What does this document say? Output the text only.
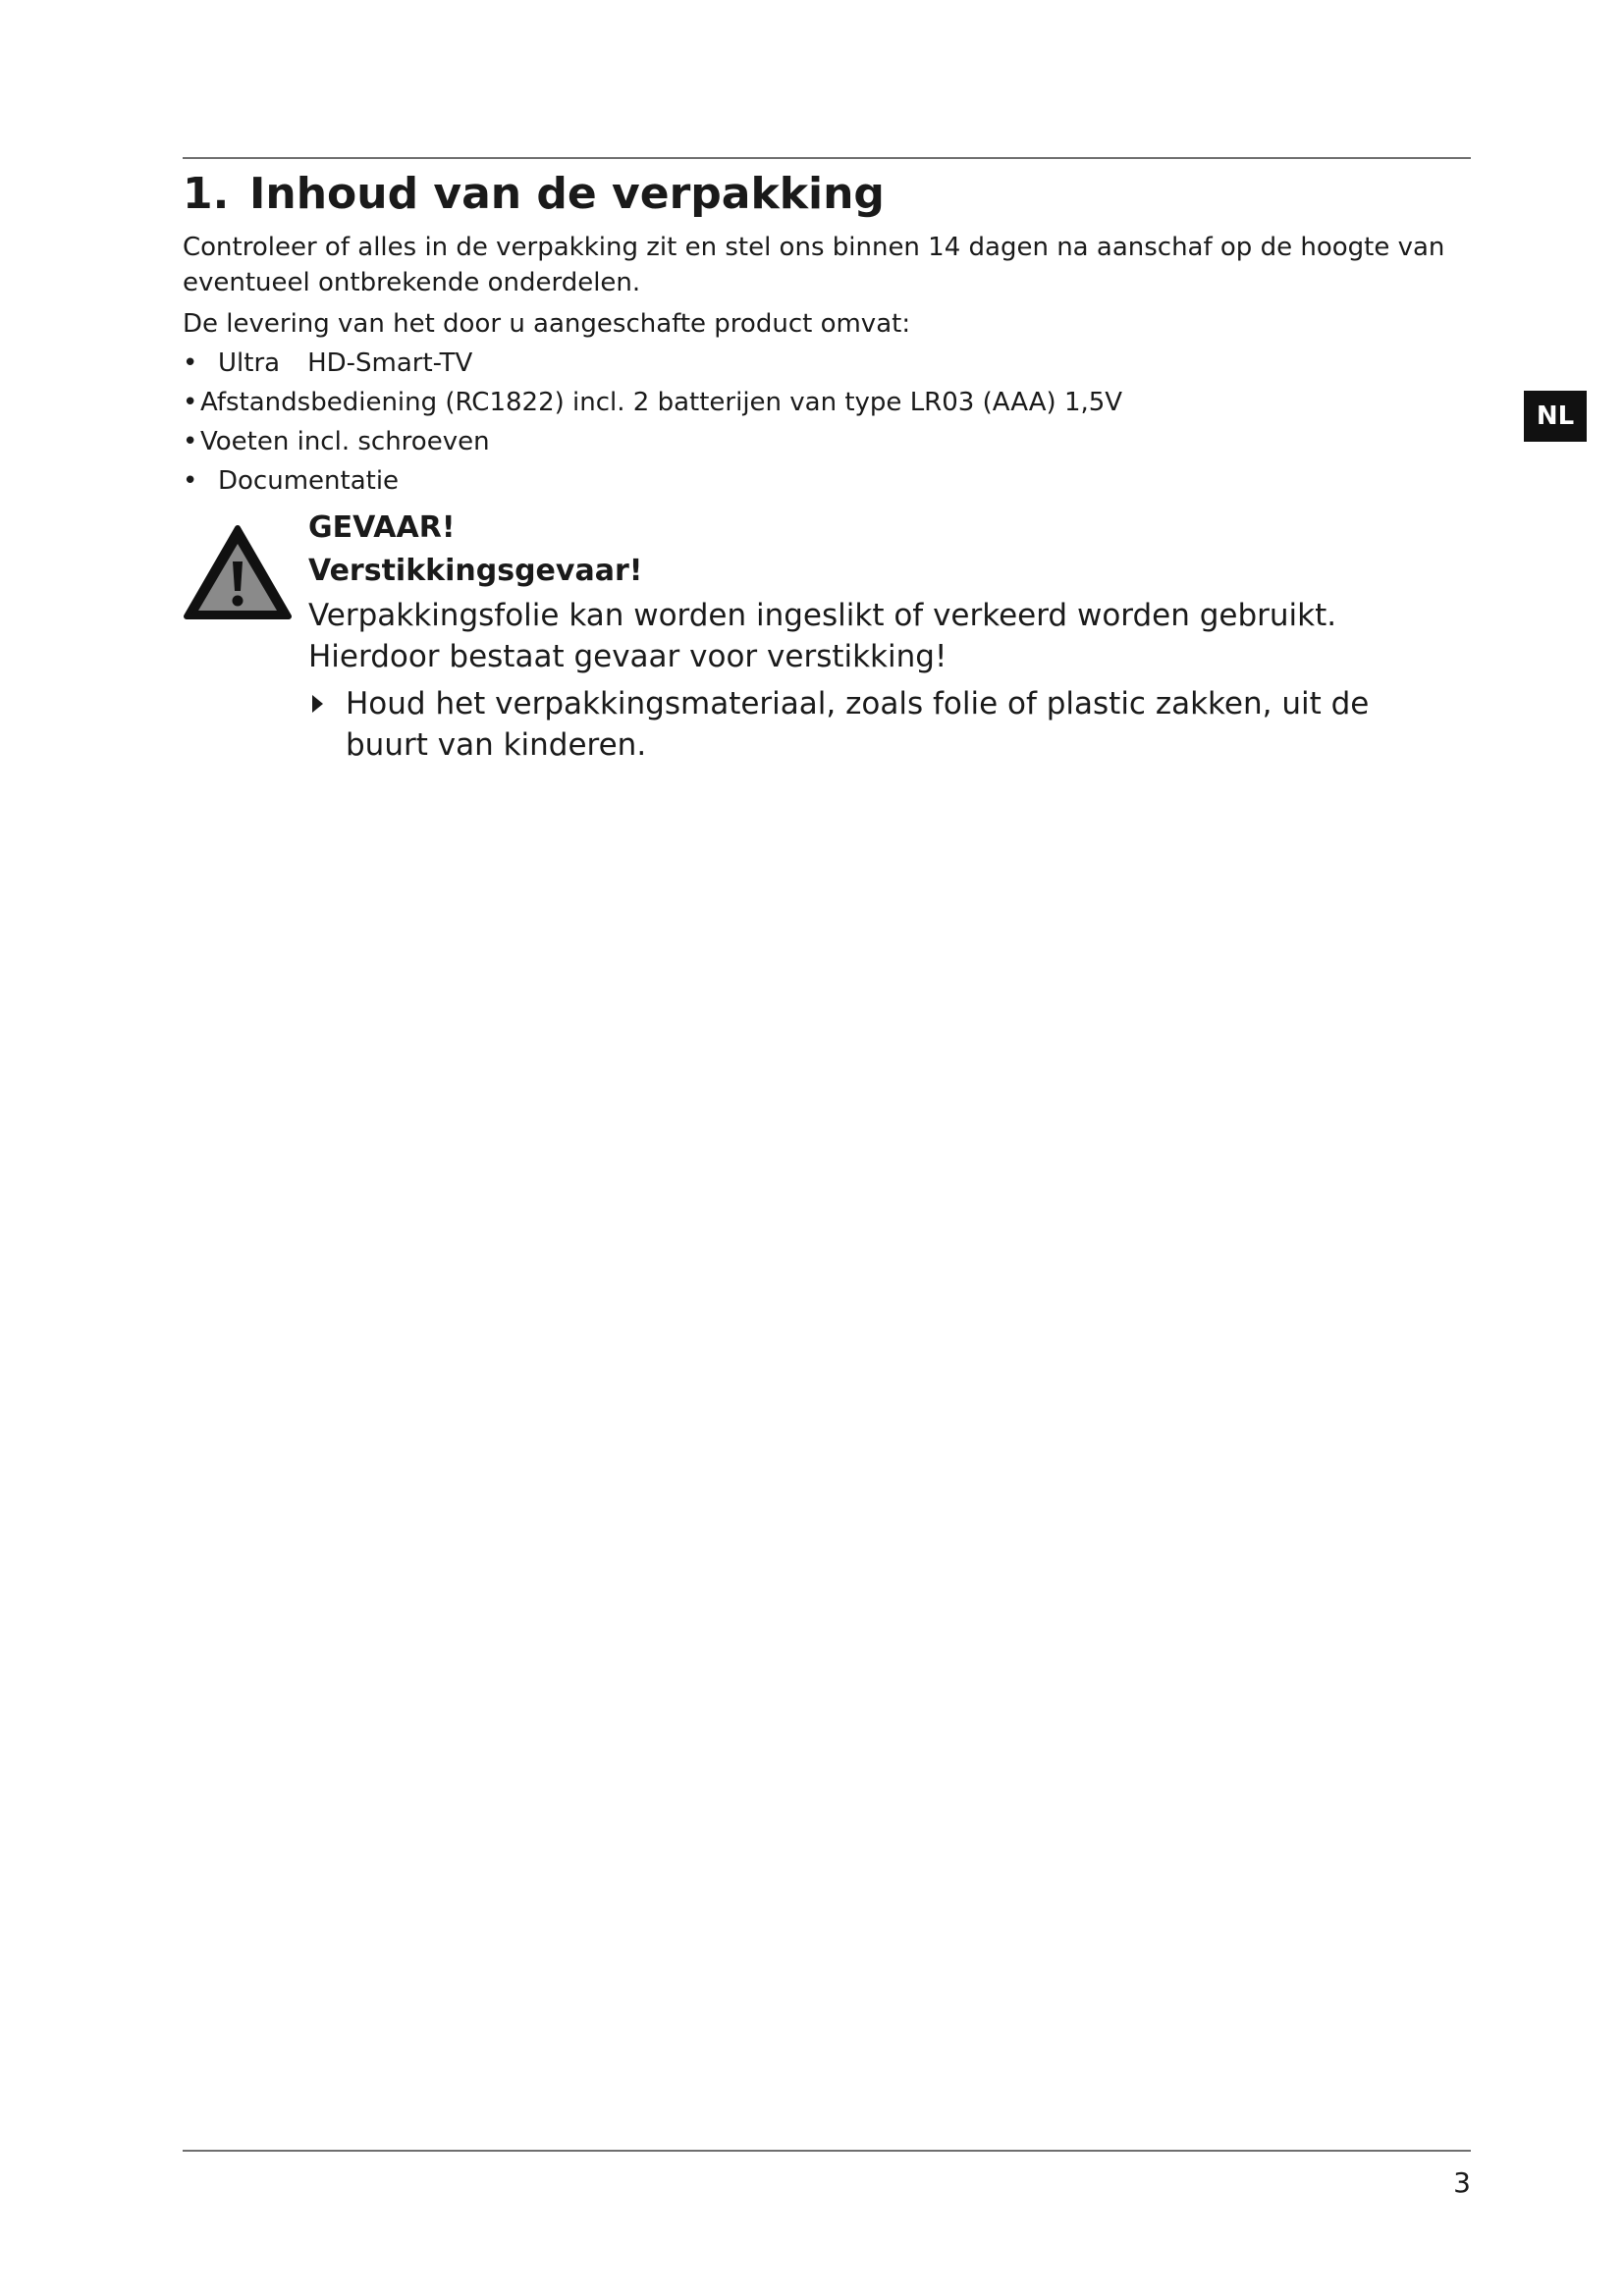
1. Inhoud van de verpakking

Controleer of alles in de verpakking zit en stel ons binnen 14 dagen na aanschaf op de hoogte van eventueel ontbrekende onderdelen.

De levering van het door u aangeschafte product omvat:

• Ultra HD-Smart-TV
• Afstandsbediening (RC1822) incl. 2 batterijen van type LR03 (AAA) 1,5V
• Voeten incl. schroeven
• Documentatie

GEVAAR!

Verstikkingsgevaar!

Verpakkingsfolie kan worden ingeslikt of verkeerd worden gebruikt. Hierdoor bestaat gevaar voor verstikking!

Houd het verpakkingsmateriaal, zoals folie of plastic zakken, uit de buurt van kinderen.

NL
3
